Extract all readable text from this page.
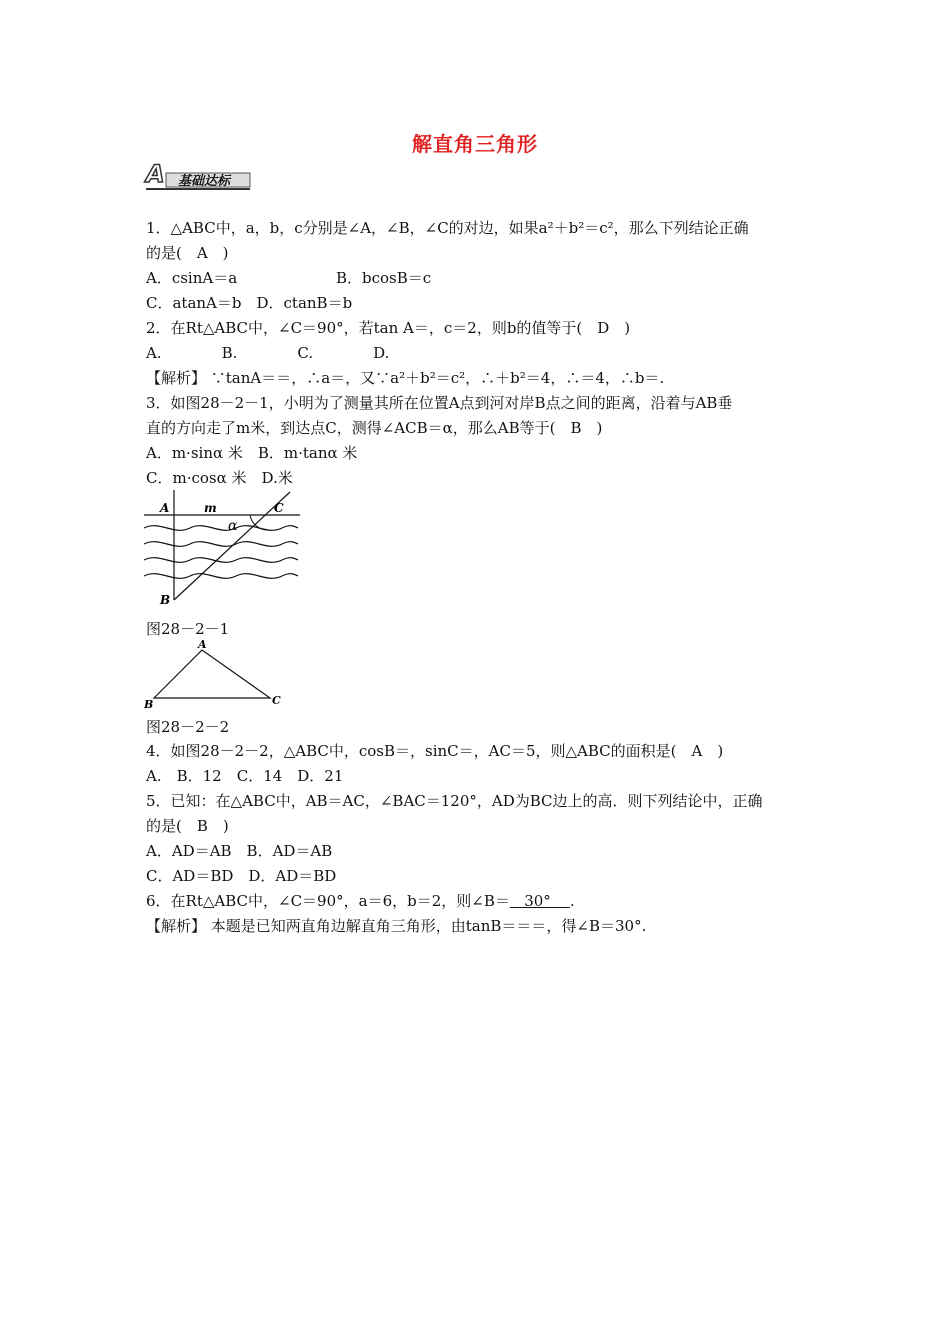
解直角三角形
A 基础达标
1．△ABC中，a，b，c分别是∠A，∠B，∠C的对边，如果a²＋b²＝c²，那么下列结论正确
的是(　A　)
A．csinA＝a	B．bcosB＝c
C．atanA＝b　D．ctanB＝b
2．在Rt△ABC中，∠C＝90°，若tan A＝，c＝2，则b的值等于(　D　)
A.　　　　B.　　　　C.　　　　D.
【解析】 ∵tanA＝＝，∴a＝，又∵a²＋b²＝c²，∴＋b²＝4，∴＝4，∴b＝.
3．如图28－2－1，小明为了测量其所在位置A点到河对岸B点之间的距离，沿着与AB垂
直的方向走了m米，到达点C，测得∠ACB＝α，那么AB等于(　B　)
A．m·sinα 米　B．m·tanα 米
C．m·cosα 米　D.米
A	m	C
α
B
图28－2－1
A
B	C
图28－2－2
4．如图28－2－2，△ABC中，cosB＝，sinC＝，AC＝5，则△ABC的面积是(　A　)
A.　B．12　C．14　D．21
5．已知：在△ABC中，AB＝AC，∠BAC＝120°，AD为BC边上的高．则下列结论中，正确
的是(　B　)
A．AD＝AB　B．AD＝AB
C．AD＝BD　D．AD＝BD
6．在Rt△ABC中，∠C＝90°，a＝6，b＝2，则∠B＝ 30° .
【解析】 本题是已知两直角边解直角三角形，由tanB＝＝＝，得∠B＝30°.
